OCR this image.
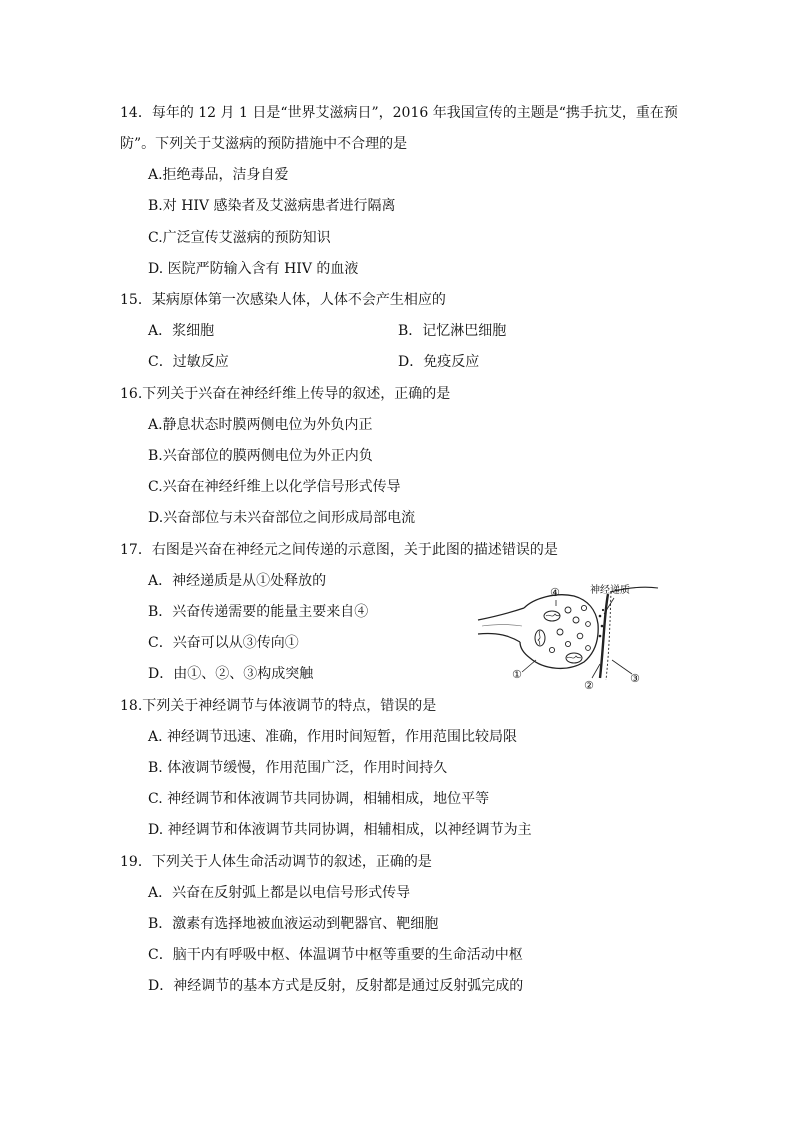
14．每年的 12 月 1 日是“世界艾滋病日”，2016 年我国宣传的主题是“携手抗艾，重在预
防”。下列关于艾滋病的预防措施中不合理的是
A.拒绝毒品，洁身自爱
B.对 HIV 感染者及艾滋病患者进行隔离
C.广泛宣传艾滋病的预防知识
D. 医院严防输入含有 HIV 的血液
15．某病原体第一次感染人体，人体不会产生相应的
A．浆细胞	B．记忆淋巴细胞
C．过敏反应	D．免疫反应
16.下列关于兴奋在神经纤维上传导的叙述，正确的是
A.静息状态时膜两侧电位为外负内正
B.兴奋部位的膜两侧电位为外正内负
C.兴奋在神经纤维上以化学信号形式传导
D.兴奋部位与未兴奋部位之间形成局部电流
17．右图是兴奋在神经元之间传递的示意图，关于此图的描述错误的是
A．神经递质是从①处释放的
B．兴奋传递需要的能量主要来自④
C．兴奋可以从③传向①
D．由①、②、③构成突触
④	神经递质
①
②
③
18.下列关于神经调节与体液调节的特点，错误的是
A. 神经调节迅速、准确，作用时间短暂，作用范围比较局限
B. 体液调节缓慢，作用范围广泛，作用时间持久
C. 神经调节和体液调节共同协调，相辅相成，地位平等
D. 神经调节和体液调节共同协调，相辅相成，以神经调节为主
19．下列关于人体生命活动调节的叙述，正确的是
A．兴奋在反射弧上都是以电信号形式传导
B．激素有选择地被血液运动到靶器官、靶细胞
C．脑干内有呼吸中枢、体温调节中枢等重要的生命活动中枢
D．神经调节的基本方式是反射，反射都是通过反射弧完成的
